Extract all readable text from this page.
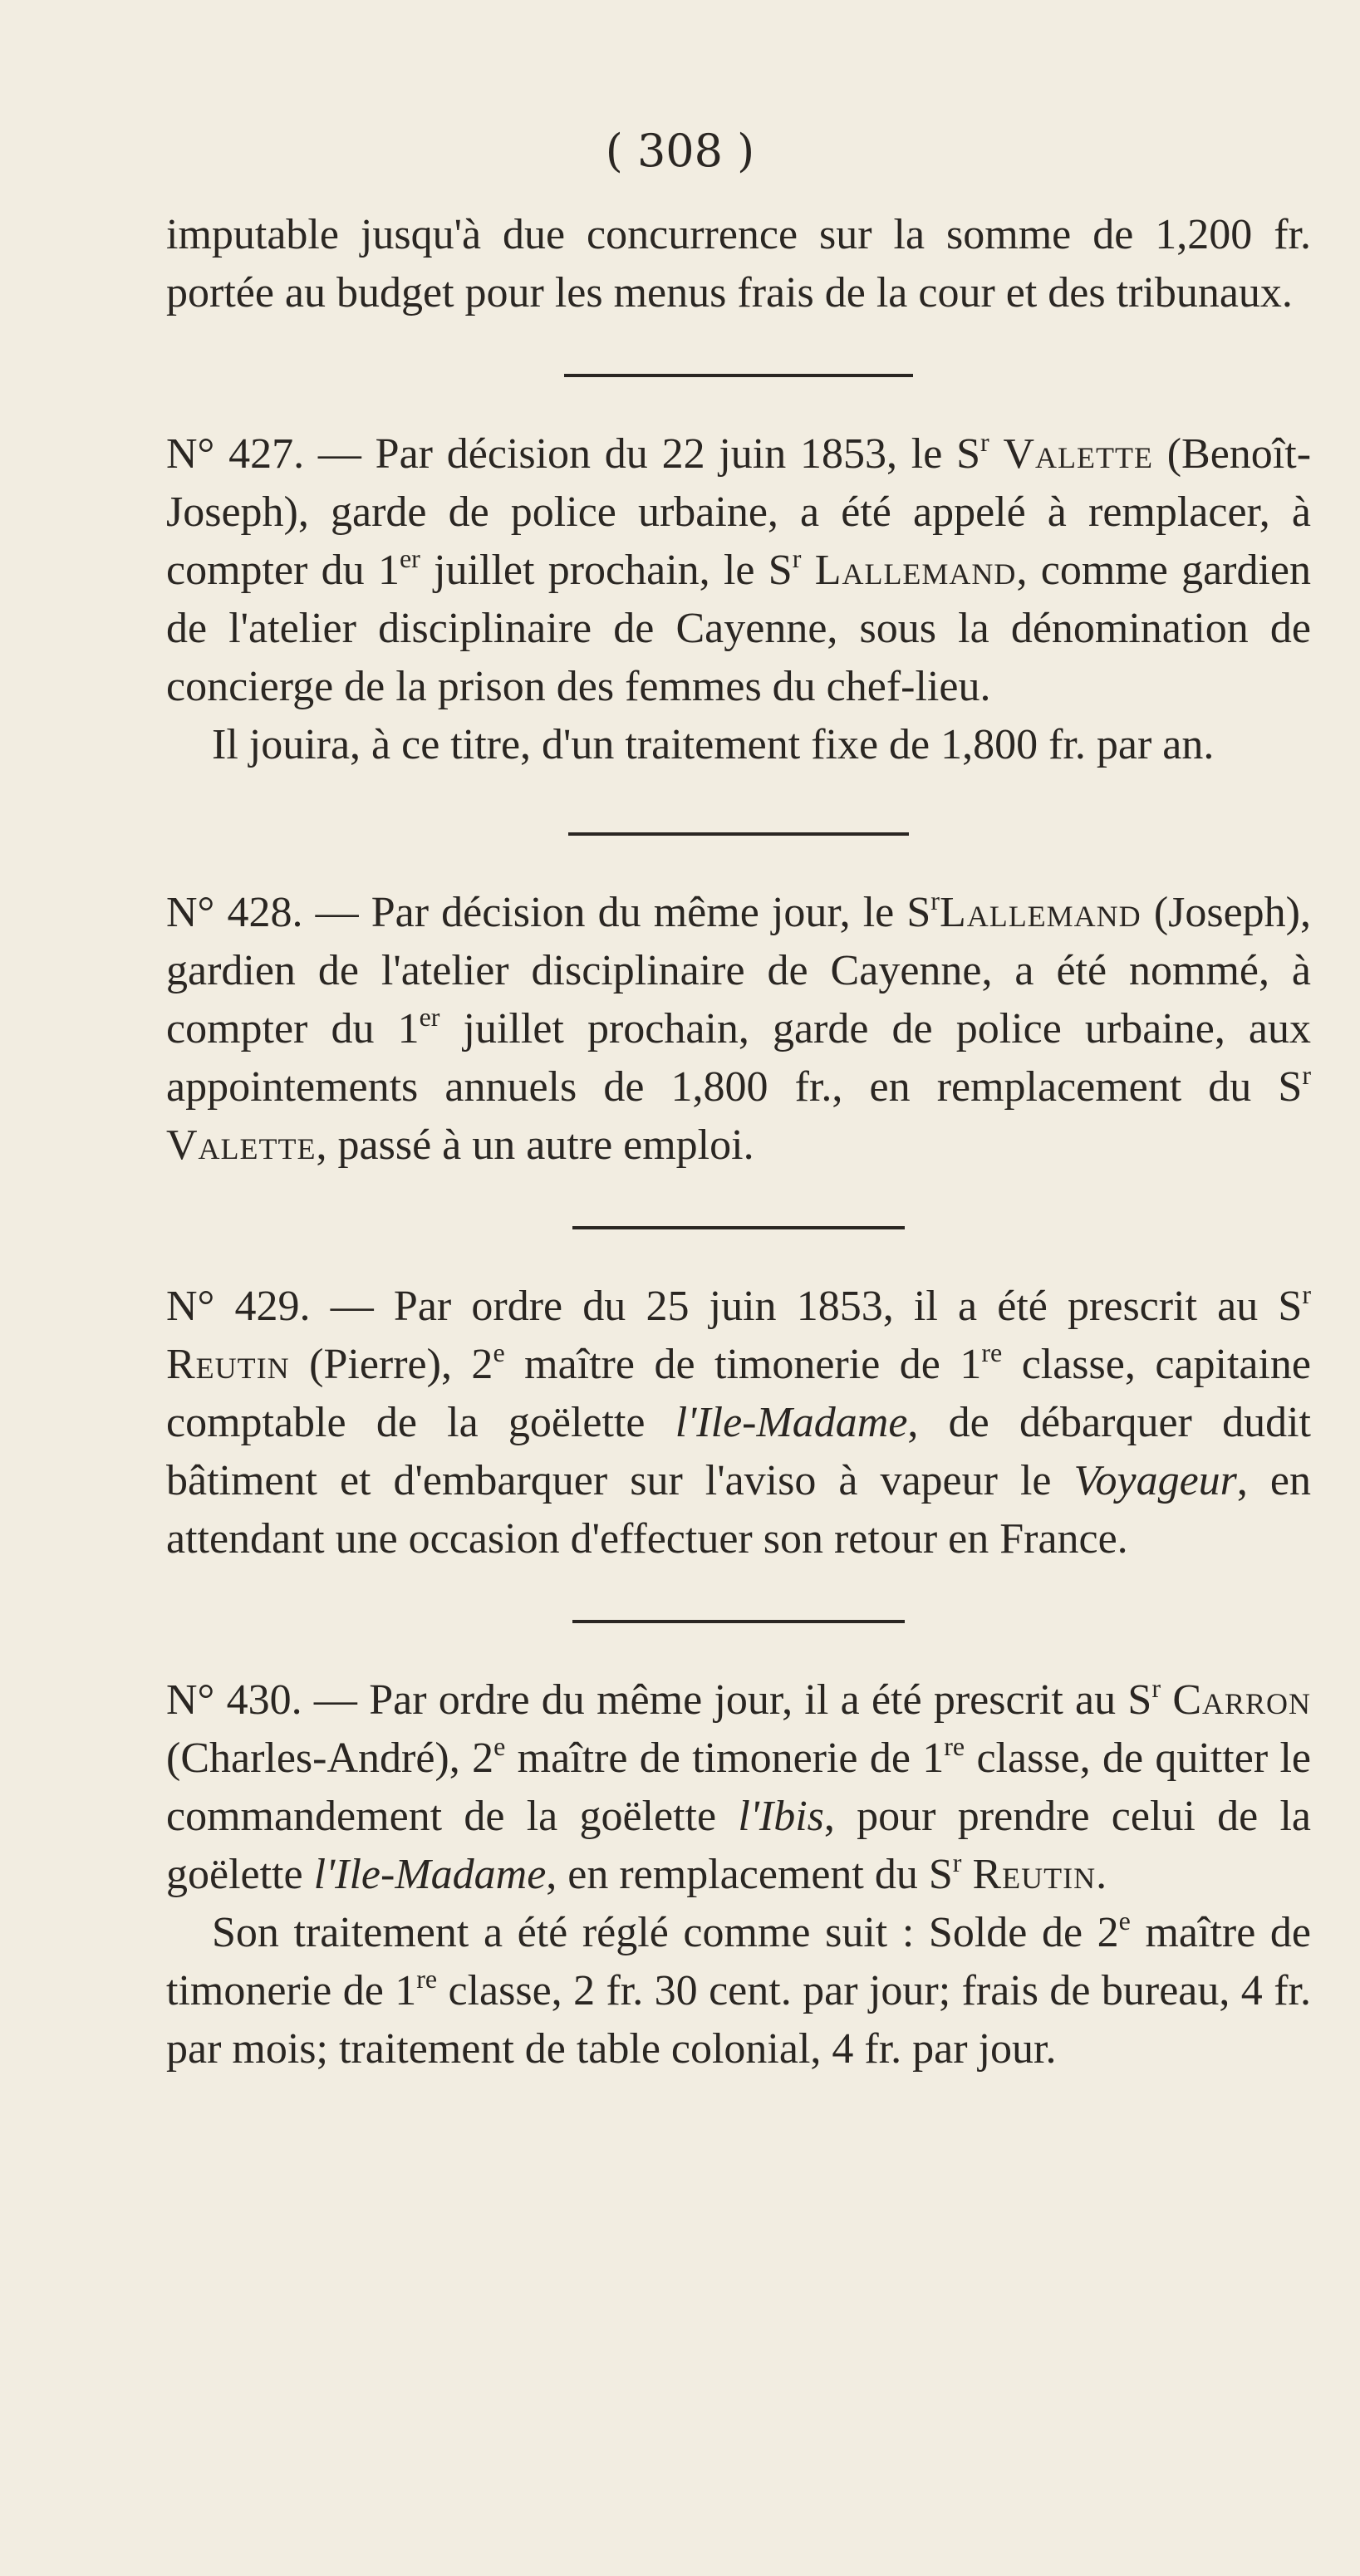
( 308 )

imputable jusqu'à due concurrence sur la somme de 1,200 fr. portée au budget pour les menus frais de la cour et des tribunaux.

N° 427. — Par décision du 22 juin 1853, le $S^r$ Valette (Benoît-Joseph), garde de police urbaine, a été appelé à remplacer, à compter du 1er juillet prochain, le $S^r$ Lallemand, comme gardien de l'atelier disciplinaire de Cayenne, sous la dénomination de concierge de la prison des femmes du chef-lieu.

Il jouira, à ce titre, d'un traitement fixe de 1,800 fr. par an.

N° 428. — Par décision du même jour, le $S^rLallemand$ (Joseph), gardien de l'atelier disciplinaire de Cayenne, a été nommé, à compter du 1er juillet prochain, garde de police urbaine, aux appointements annuels de 1,800 fr., en remplacement du $S^r$ Valette, passé à un autre emploi.

N° 429. — Par ordre du 25 juin 1853, il a été prescrit au $S^r$ Reutin (Pierre), 2e maître de timonerie de 1re classe, capitaine comptable de la goëlette l'Ile-Madame, de débarquer dudit bâtiment et d'embarquer sur l'aviso à vapeur le Voyageur, en attendant une occasion d'effectuer son retour en France.

N° 430. — Par ordre du même jour, il a été prescrit au $S^r$ Carron (Charles-André), 2e maître de timonerie de 1re classe, de quitter le commandement de la goëlette l'Ibis, pour prendre celui de la goëlette l'Ile-Madame, en remplacement du $S^r$ Reutin.

Son traitement a été réglé comme suit : Solde de 2e maître de timonerie de 1re classe, 2 fr. 30 cent. par jour; frais de bureau, 4 fr. par mois; traitement de table colonial, 4 fr. par jour.
